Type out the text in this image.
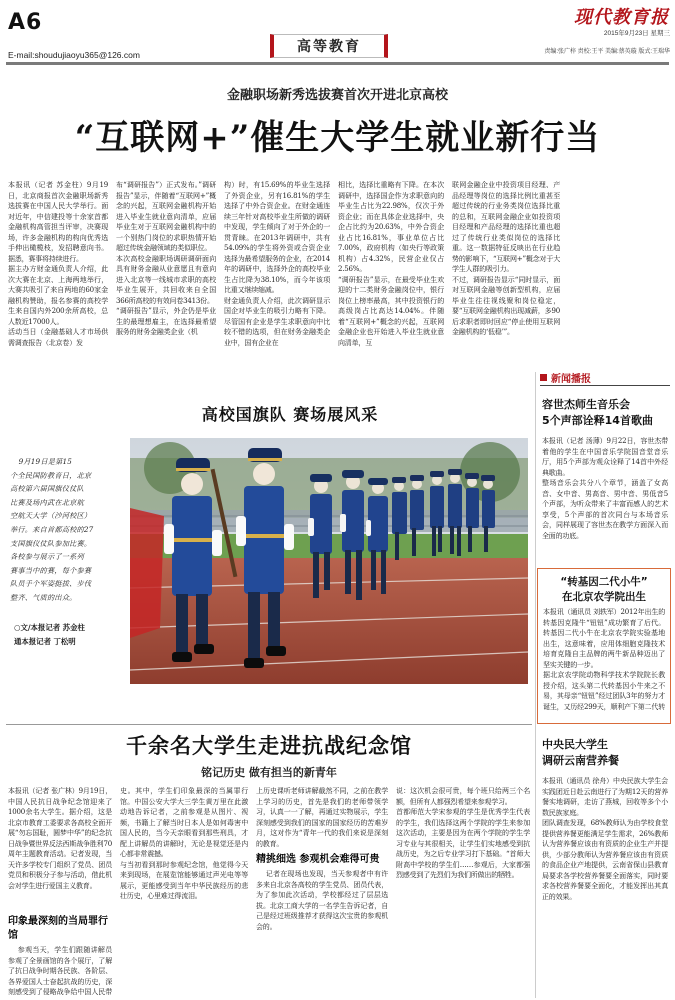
A6
E-mail:shoudujiaoyu365@126.com	高等教育
现代教育报
2015年9月23日 星期三
责编:张广梓 责校:王平 美编:蔡英璇 版式:王瑞华
金融职场新秀选拔赛首次开进北京高校
“互联网+”催生大学生就业新行当
本报讯（记者 苏金柱）9月19日，北京商报首次金融职场新秀选拔赛在中国人民大学举行。面对近年，中信建投等十余家首都金融机构高管担当评审，决赛现场，许多金融机构的构向优秀选手伸出橄榄枝，发招聘意向书。据悉，赛事将持续进行。
据主办方财金通负责人介绍，此次大赛在北京、上海两地举行，大赛共吸引了来自两地的60家金融机构赞助，报名参赛的高校学生来自国内外200余所高校，总人数近17000人。
活动当日（金融基础人才市场供需调查报告（北京卷）发
布“调研报告”）正式发布。”调研报告”显示，伴随着“互联网+”概念的兴起，互联网金融机构开始进入毕业生就业意向清单，应届毕业生对于互联网金融机构中的一个别热门岗位的求职热情开始超过传统金融领域的类似职位。
本次高校金融职场调研调研面向具有财务金融从业意愿且有意向进入北京等一线城市求职的高校毕业生展开，共回收来自全国366所高校的有效问卷3413份。
“调研报告”显示，外企仍是毕业生的最理想雇主，在选择最希望服务的财务金融类企业（机
构）时，有15.69%的毕业生选择了外资企业，另有16.81%的学生选择了中外合资企业。在财金通连续三年针对高校毕业生所做的调研中发现，学生倾向了对于外企的一贯青睐。在2013年调研中，共有54.09%的学生将外资或合资企业选择为最希望服务的企业，在2014年的调研中，选择外企的高校毕业生占比降为38.10%，而今年该项比重又继续缩减。
财金通负责人介绍，此次调研显示国企对毕业生的吸引力略有下降。尽管国有企业是学生求职意向中比较不错的选项，但在财务金融类企业中，国有企业在
相比，选择比重略有下降。在本次调研中，选择国企作为求职意向的毕业生占比为22.98%，仅次于外资企业；而在具体企业选择中，央企占比约为20.63%，中外合资企业占比16.81%，事业单位占比7.00%，政府机构（如央行等政策机构）占4.32%，民营企业仅占2.56%。
“调研报告”显示，在最受毕业生欢迎的十二类财务金融岗位中，银行岗位上榜率最高，其中投资银行的高级岗占比高达14.04%。伴随着“互联网+”概念的兴起，互联网金融企业也开始进入毕业生就业意向清单，互
联网金融企业中投资项目经理、产品经理等岗位的选择比例比重甚至超过传统的行业务类岗位选择比重的总和，互联网金融企业如投资项目经理和产品经理的选择比重也超过了传统行业类似岗位的选择比重。这一数据特征反映出在行业趋势的影响下，“互联网+”概念对于大学生人群的吸引力。
不过，调研报告显示“同时显示，面对互联网金融等创新型机构，应届毕业生往往视线聚和岗位稳定，要“互联网金融机构出现减薪，多90后求职者即时回应“停止使用互联网金融机构的‘低稳’”。
高校国旗队 赛场展风采
9月19日是第15
个全民国防教育日，北京
高校第六届国旗仪仗队
比赛及场内武在北京航
空航天大学（沙河校区）
举行。来自首都高校的27
支国旗仪仗队参加比赛。
各校参与展示了一系列
赛事当中的赛，每个参赛
队员手个军姿挺拔、步伐
整齐、气质的出众。
○文/本报记者 苏金柱
通本报记者 丁松明
新闻播报
容世杰师生音乐会
5个声部诠释14首歌曲
本报讯（记者 汤薄）9月22日，容世杰带着他的学生在中国音乐学院国音堂音乐厅，用5个声部为观众诠释了14首中外经典歌曲。
整场音乐会共分八个章节，涵盖了女高音、女中音、男高音、男中音、男低音5个声部，为听众带来了丰富而感人的艺术享受，5个声部的首次同台与本场音乐会，同样展现了容世杰在教学方面深入而全面的功底。
“转基因二代小牛”
在北京农学院出生
本报讯（通讯员 刘轶军）2012年出生的转基因克隆牛“钮钮”成功繁育了后代。转基因二代小牛在北京农学院实验基地出生，这意味着，应用体细胞克隆技术培育克隆自主品牌的两牛新品种迈出了坚实关键的一步。
据北京农学院动物科学技术学院院长教授介绍，这头第二代转基因小牛来之不易，其母亲“钮钮”经过团队3年的努力才诞生，又历经299天，顺利产下第二代转
中央民大学生
调研云南营养餐
本报讯（通讯员 徐舟）中央民族大学生会实践团近日赴云南进行了为期12天的营养餐实地调研，走访了燕城，回收等多个小数民族家庭。
团队调查发现，68%教师认为由学校食堂提供营养餐更能满足学生需求，26%教师认为营养餐应该由有资质的企业生产并提供，少部分教师认为营养餐应该由有资质的食品企业产地提供，云南省保山县教育局要求各学校营养餐要全面落实，同时要求各校营养餐要全面化，才能发挥出其真正的效果。
千余名大学生走进抗战纪念馆
铭记历史 做有担当的新青年
本报讯（记者 张广林）9月19日，中国人民抗日战争纪念馆迎来了1000余名大学生。据介绍，这是北京市教育工委要求各高校全面开展“勿忘国耻，圆梦中华”的纪念抗日战争暨世界反法西斯战争胜利70周年主题教育活动。记者发现，当天许多学校专门组织了党员、团员党员和积极分子参与活动，借此机会对学生进行爱国主义教育。
印象最深刻的当局罪行馆
参观当天，学生们跟随讲解员参观了全景画馆的各个展厅，了解了抗日战争时期各民族、各阶层、各界爱国人士奋起抗战的历史，深刻感受到了侵略战争给中国人民带
史。其中，学生们印象最深的当属罪行馆。中国公安大学大三学生黄万里在此激动地告诉记者，之前参观是从图片、视频，书籍上了解当时日本人是如何毒害中国人民的，当今天亲眼看到那些刑具，才配上讲解员的讲解时，无论是视觉还是内心都非常震撼。
与当初看到那时参观纪念馆，他觉得今天来到现场，在展览馆能够通过声光电等等展示，更能感受到当年中华民族经历的悲壮历史，心里难过得流泪。
上历史课听老师讲解截然不同，之前在教学上学习的历史，首先是我们的老师带领学习，认真一一了解，再通过实物展示，学生深刻感受到我们的国家的国家经历的苦难岁月，这对作为“青年一代的我们来说是深刻的教育。

精挑细选 参观机会难得可贵
记者在现场也发现，当天参观者中有许多来自北京各高校的学生党员、团员代表，为了参加此次活动，学校都经过了层层选拔。北京工商大学的一名学生告诉记者，自己是经过班级推荐才获得这次宝贵的参观机会的。
说：这次机会很可贵，每个班只给两三个名额，但所有人都强烈希望来参观学习。
首都师范大学宋参观的学生是优秀学生代表的学生，我们选择这两个学院的学生来参加这次活动，主要是因为在两个学院的学生学习专业与其很相关，让学生们实地感受到抗战历史，为之后专业学习打下基础。“首师大附高中学校的学生们……参观后，大家都强烈感受到了先烈们为我们所做出的牺牲。
